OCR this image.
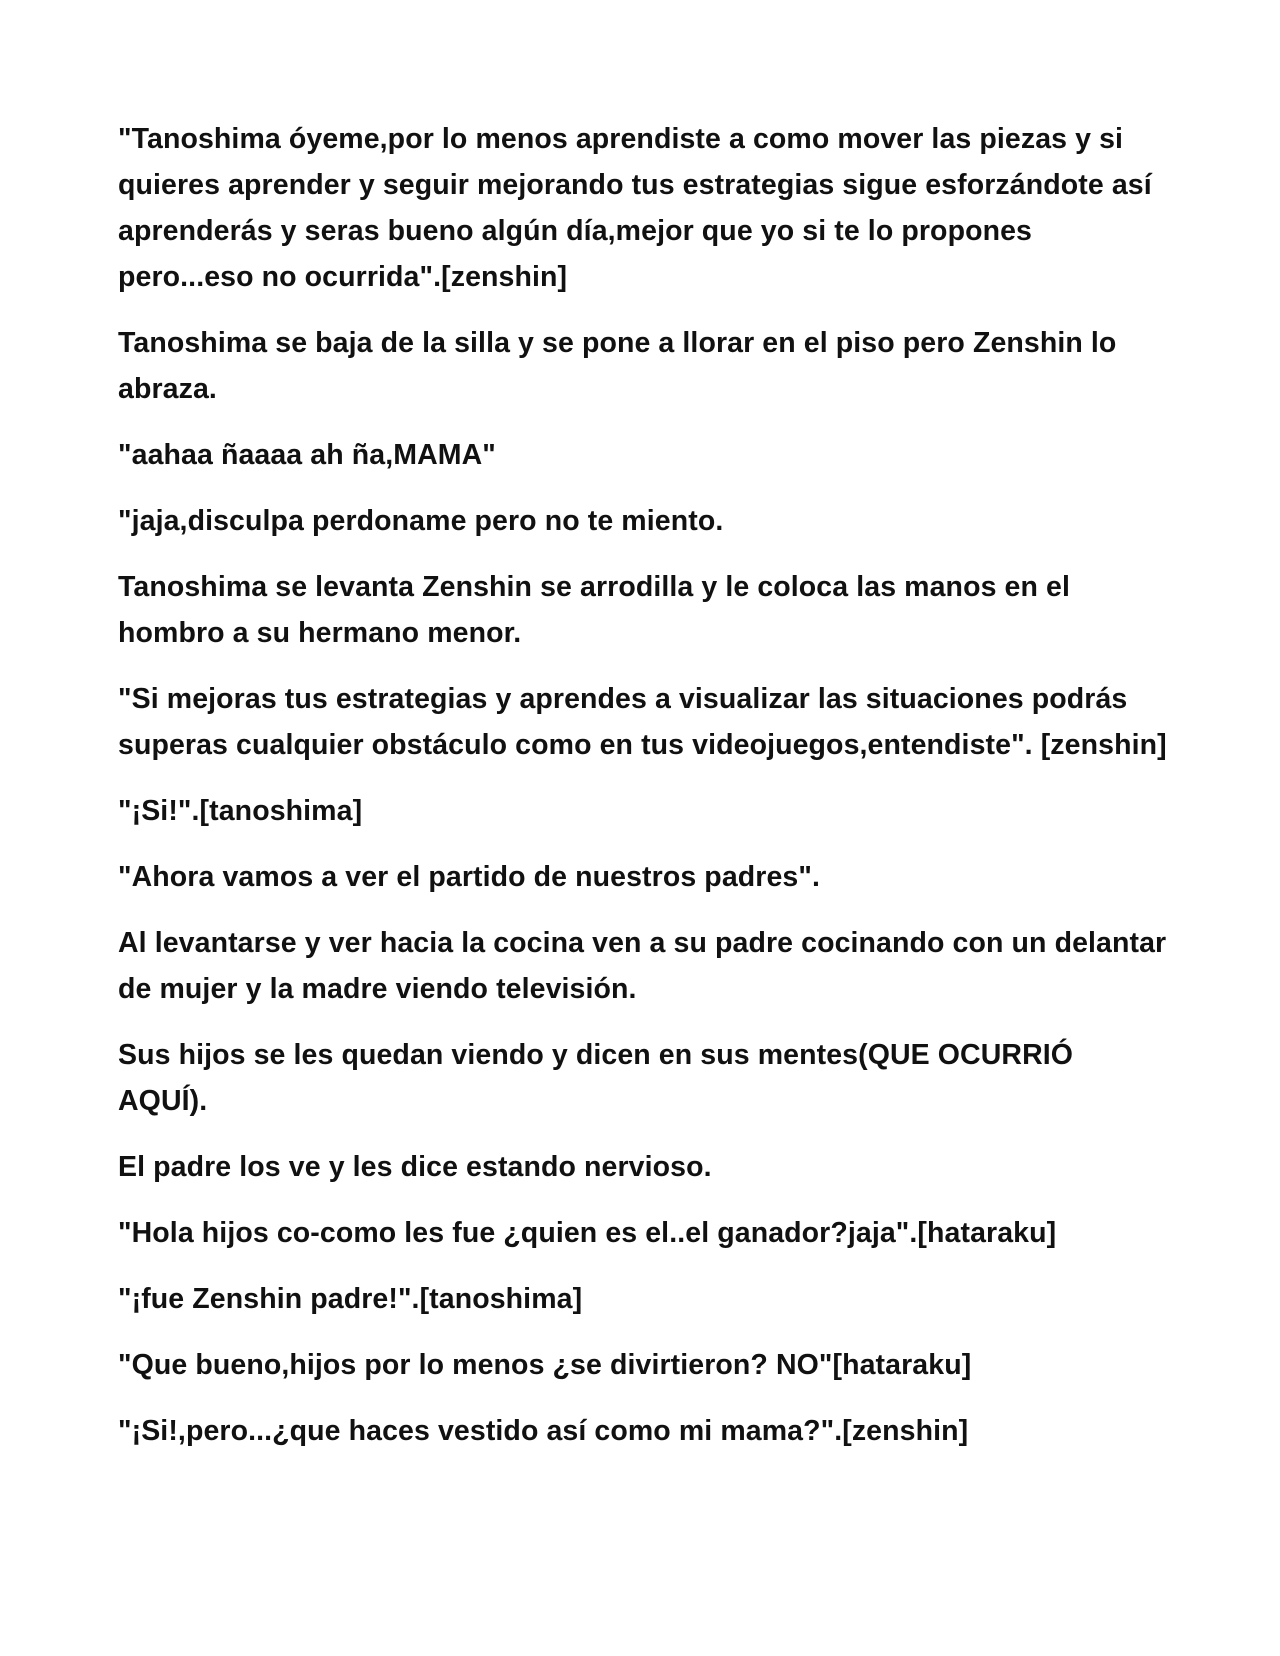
"Tanoshima óyeme,por lo menos aprendiste a como mover las piezas y si quieres aprender y seguir mejorando tus estrategias sigue esforzándote así aprenderás y seras bueno algún día,mejor que yo si te lo propones pero...eso no ocurrida".[zenshin]

Tanoshima se baja de la silla y se pone a llorar en el piso pero Zenshin lo abraza.

"aahaa ñaaaa ah ña,MAMA"

"jaja,disculpa perdoname pero no te miento.

Tanoshima se levanta Zenshin se arrodilla y le coloca las manos en el hombro a su hermano menor.

"Si mejoras tus estrategias y aprendes a visualizar las situaciones podrás superas cualquier obstáculo como en tus videojuegos,entendiste". [zenshin]

"¡Si!".[tanoshima]

"Ahora vamos a ver el partido de nuestros padres".

Al levantarse y ver hacia la cocina ven a su padre cocinando con un delantar de mujer y la madre viendo televisión.

Sus hijos se les quedan viendo y dicen en sus mentes(QUE OCURRIÓ AQUÍ).

El padre los ve y les dice estando nervioso.

"Hola hijos co-como les fue ¿quien es el..el ganador?jaja".[hataraku]

"¡fue Zenshin padre!".[tanoshima]

"Que bueno,hijos por lo menos ¿se divirtieron? NO"[hataraku]

"¡Si!,pero...¿que haces vestido así como mi mama?".[zenshin]
